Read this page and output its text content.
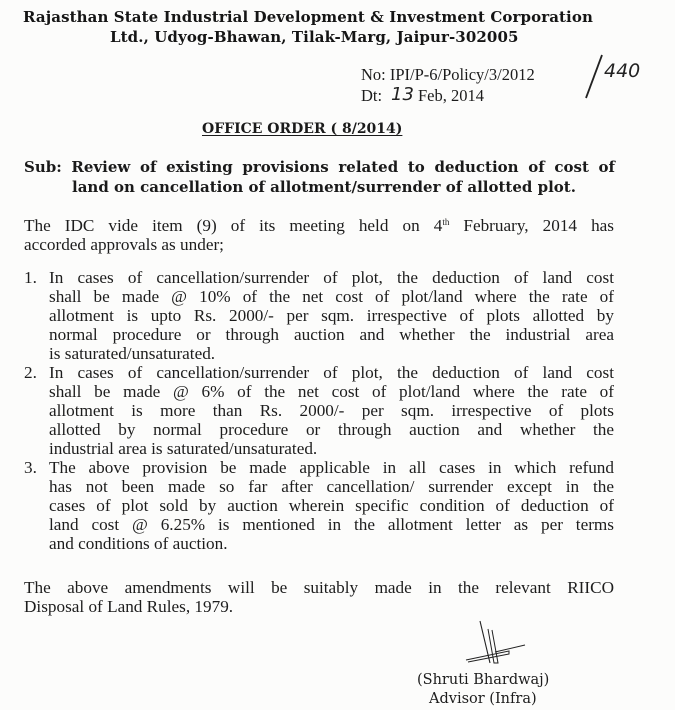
Rajasthan State Industrial Development & Investment Corporation
Ltd., Udyog-Bhawan, Tilak-Marg, Jaipur-302005
No: IPI/P-6/Policy/3/2012	440
Dt: 13 Feb, 2014
OFFICE ORDER ( 8/2014)
Sub: Review of existing provisions related to deduction of cost of
land on cancellation of allotment/surrender of allotted plot.
The IDC vide item (9) of its meeting held on 4th February, 2014 has
accorded approvals as under;
1. In cases of cancellation/surrender of plot, the deduction of land cost
shall be made @ 10% of the net cost of plot/land where the rate of
allotment is upto Rs. 2000/- per sqm. irrespective of plots allotted by
normal procedure or through auction and whether the industrial area
is saturated/unsaturated.
2. In cases of cancellation/surrender of plot, the deduction of land cost
shall be made @ 6% of the net cost of plot/land where the rate of
allotment is more than Rs. 2000/- per sqm. irrespective of plots
allotted by normal procedure or through auction and whether the
industrial area is saturated/unsaturated.
3. The above provision be made applicable in all cases in which refund
has not been made so far after cancellation/ surrender except in the
cases of plot sold by auction wherein specific condition of deduction of
land cost @ 6.25% is mentioned in the allotment letter as per terms
and conditions of auction.
The above amendments will be suitably made in the relevant RIICO
Disposal of Land Rules, 1979.
(Shruti Bhardwaj)
Advisor (Infra)
